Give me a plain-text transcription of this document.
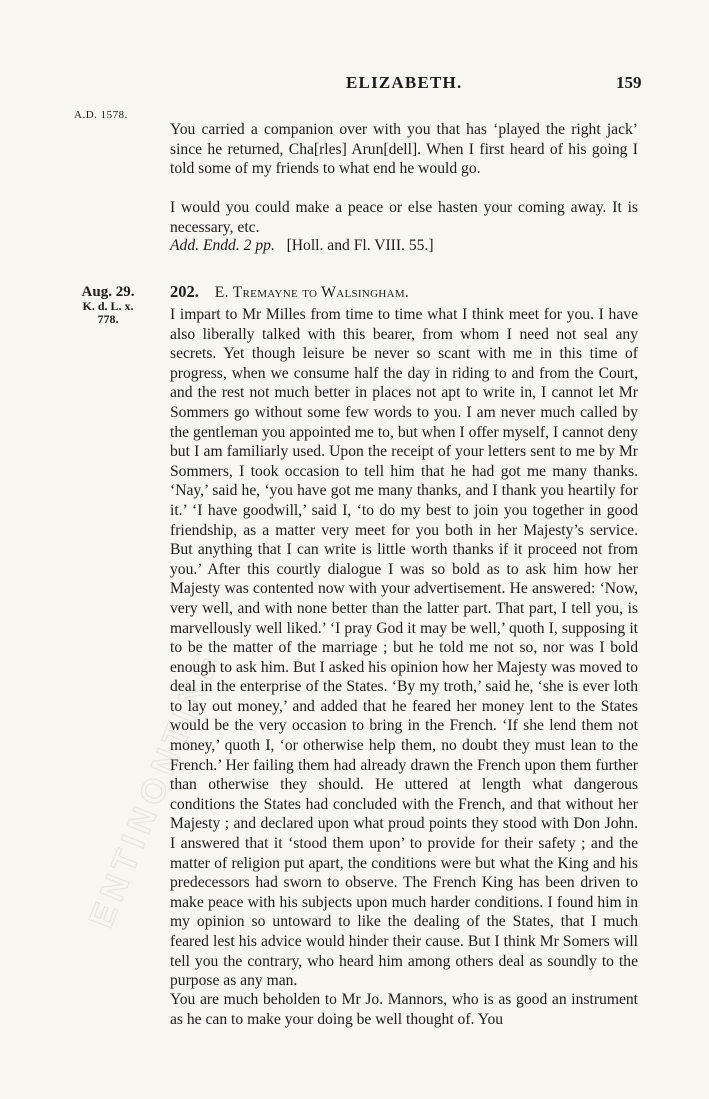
ENTINONTINE
ELIZABETH.	159
A.D. 1578.

You carried a companion over with you that has ‘played the right jack’ since he returned, Cha[rles] Arun[dell]. When I first heard of his going I told some of my friends to what end he would go.

I would you could make a peace or else hasten your coming away. It is necessary, etc.

Add. Endd. 2 pp. [Holl. and Fl. VIII. 55.]
Aug. 29.
K. d. L. x.
778.
202. E. Tremayne to Walsingham.

I impart to Mr Milles from time to time what I think meet for you. I have also liberally talked with this bearer, from whom I need not seal any secrets. Yet though leisure be never so scant with me in this time of progress, when we consume half the day in riding to and from the Court, and the rest not much better in places not apt to write in, I cannot let Mr Sommers go without some few words to you. I am never much called by the gentleman you appointed me to, but when I offer myself, I cannot deny but I am familiarly used. Upon the receipt of your letters sent to me by Mr Sommers, I took occasion to tell him that he had got me many thanks. ‘Nay,’ said he, ‘you have got me many thanks, and I thank you heartily for it.’ ‘I have goodwill,’ said I, ‘to do my best to join you together in good friendship, as a matter very meet for you both in her Majesty’s service. But anything that I can write is little worth thanks if it proceed not from you.’ After this courtly dialogue I was so bold as to ask him how her Majesty was contented now with your advertisement. He answered: ‘Now, very well, and with none better than the latter part. That part, I tell you, is marvellously well liked.’ ‘I pray God it may be well,’ quoth I, supposing it to be the matter of the marriage ; but he told me not so, nor was I bold enough to ask him. But I asked his opinion how her Majesty was moved to deal in the enterprise of the States. ‘By my troth,’ said he, ‘she is ever loth to lay out money,’ and added that he feared her money lent to the States would be the very occasion to bring in the French. ‘If she lend them not money,’ quoth I, ‘or otherwise help them, no doubt they must lean to the French.’ Her failing them had already drawn the French upon them further than otherwise they should. He uttered at length what dangerous conditions the States had concluded with the French, and that without her Majesty ; and declared upon what proud points they stood with Don John. I answered that it ‘stood them upon’ to provide for their safety ; and the matter of religion put apart, the conditions were but what the King and his predecessors had sworn to observe. The French King has been driven to make peace with his subjects upon much harder conditions. I found him in my opinion so untoward to like the dealing of the States, that I much feared lest his advice would hinder their cause. But I think Mr Somers will tell you the contrary, who heard him among others deal as soundly to the purpose as any man.

You are much beholden to Mr Jo. Mannors, who is as good an instrument as he can to make your doing be well thought of. You
